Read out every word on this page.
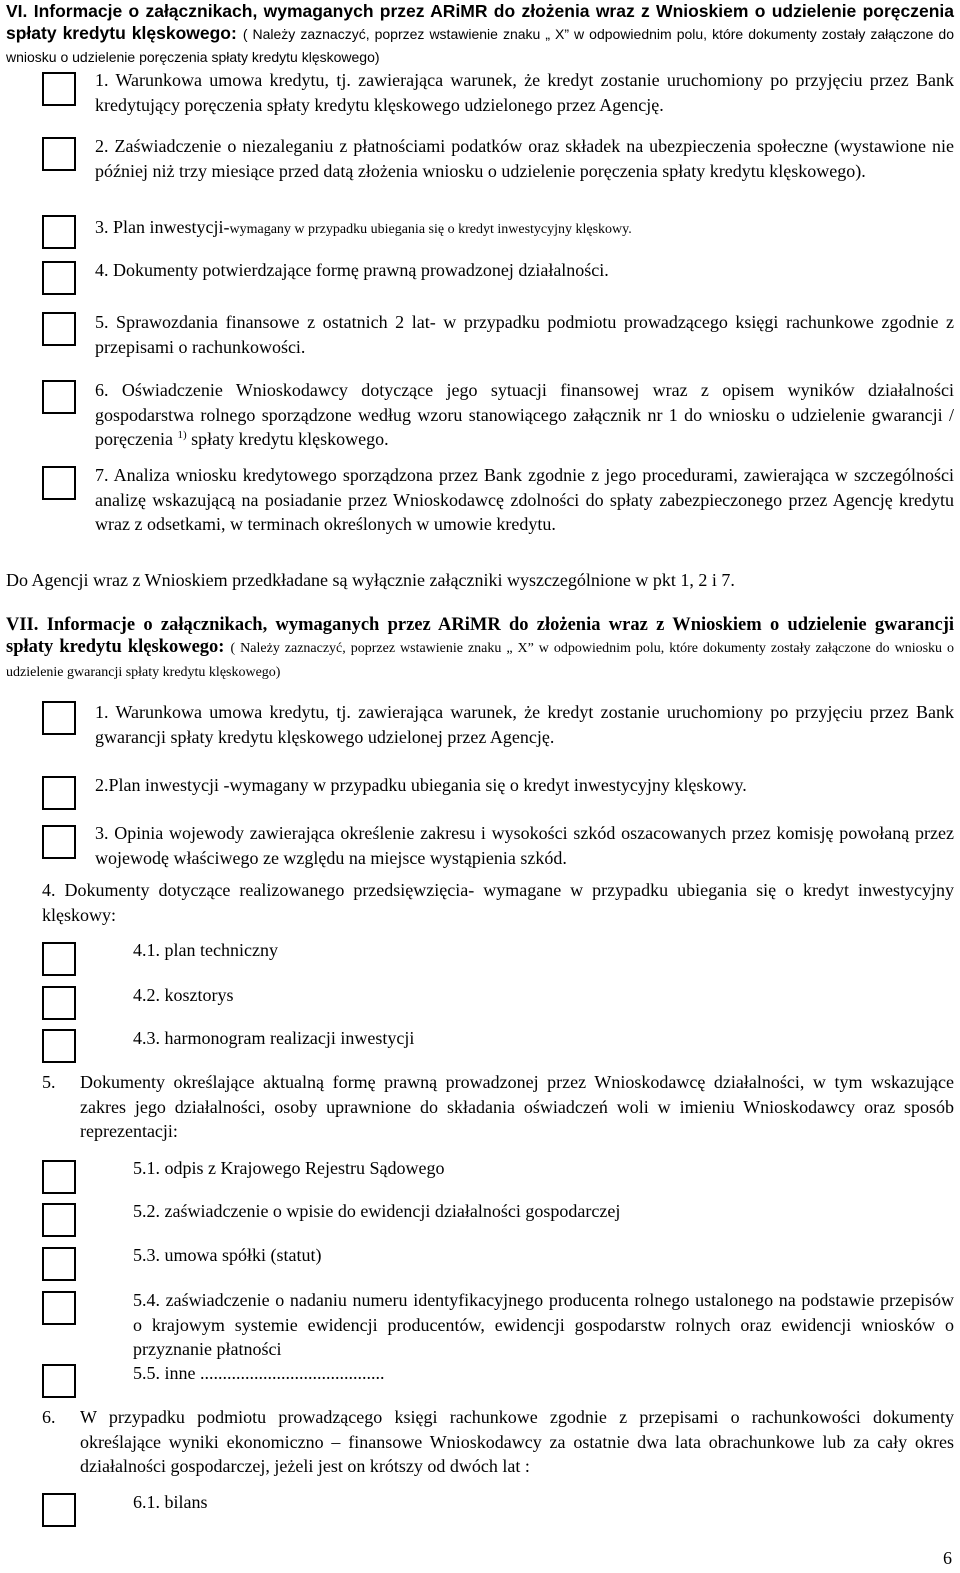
VI. Informacje o załącznikach, wymaganych przez ARiMR do złożenia wraz z Wnioskiem o udzielenie poręczenia spłaty kredytu klęskowego: ( Należy zaznaczyć, poprzez wstawienie znaku „ X” w odpowiednim polu, które dokumenty zostały załączone do wniosku o udzielenie poręczenia spłaty kredytu klęskowego)
1. Warunkowa umowa kredytu, tj. zawierająca warunek, że kredyt zostanie uruchomiony po przyjęciu przez Bank kredytujący poręczenia spłaty kredytu klęskowego udzielonego przez Agencję.
2. Zaświadczenie o niezaleganiu z płatnościami podatków oraz składek na ubezpieczenia społeczne (wystawione nie później niż trzy miesiące przed datą złożenia wniosku o udzielenie poręczenia spłaty kredytu klęskowego).
3. Plan inwestycji-wymagany w przypadku ubiegania się o kredyt inwestycyjny klęskowy.
4. Dokumenty potwierdzające formę prawną prowadzonej działalności.
5. Sprawozdania finansowe z ostatnich 2 lat- w przypadku podmiotu prowadzącego księgi rachunkowe zgodnie z przepisami o rachunkowości.
6. Oświadczenie Wnioskodawcy dotyczące jego sytuacji finansowej wraz z opisem wyników działalności gospodarstwa rolnego sporządzone według wzoru stanowiącego załącznik nr 1 do wniosku o udzielenie gwarancji / poręczenia $^{1)}$ spłaty kredytu klęskowego.
7. Analiza wniosku kredytowego sporządzona przez Bank zgodnie z jego procedurami, zawierająca w szczególności analizę wskazującą na posiadanie przez Wnioskodawcę zdolności do spłaty zabezpieczonego przez Agencję kredytu wraz z odsetkami, w terminach określonych w umowie kredytu.
Do Agencji wraz z Wnioskiem przedkładane są wyłącznie załączniki wyszczególnione w pkt 1, 2 i 7.
VII. Informacje o załącznikach, wymaganych przez ARiMR do złożenia wraz z Wnioskiem o udzielenie gwarancji spłaty kredytu klęskowego: ( Należy zaznaczyć, poprzez wstawienie znaku „ X” w odpowiednim polu, które dokumenty zostały załączone do wniosku o udzielenie gwarancji spłaty kredytu klęskowego)
1. Warunkowa umowa kredytu, tj. zawierająca warunek, że kredyt zostanie uruchomiony po przyjęciu przez Bank gwarancji spłaty kredytu klęskowego udzielonej przez Agencję.
2.Plan inwestycji -wymagany w przypadku ubiegania się o kredyt inwestycyjny klęskowy.
3. Opinia wojewody zawierająca określenie zakresu i wysokości szkód oszacowanych przez komisję powołaną przez wojewodę właściwego ze względu na miejsce wystąpienia szkód.
4. Dokumenty dotyczące realizowanego przedsięwzięcia- wymagane w przypadku ubiegania się o kredyt inwestycyjny klęskowy:
4.1. plan techniczny
4.2. kosztorys
4.3. harmonogram realizacji inwestycji
5.	Dokumenty określające aktualną formę prawną prowadzonej przez Wnioskodawcę działalności, w tym wskazujące zakres jego działalności, osoby uprawnione do składania oświadczeń woli w imieniu Wnioskodawcy oraz sposób reprezentacji:
5.1. odpis z Krajowego Rejestru Sądowego
5.2. zaświadczenie o wpisie do ewidencji działalności gospodarczej
5.3. umowa spółki (statut)
5.4. zaświadczenie o nadaniu numeru identyfikacyjnego producenta rolnego ustalonego na podstawie przepisów o krajowym systemie ewidencji producentów, ewidencji gospodarstw rolnych oraz ewidencji wniosków o przyznanie płatności
5.5. inne .........................................
6.	W przypadku podmiotu prowadzącego księgi rachunkowe zgodnie z przepisami o rachunkowości dokumenty określające wyniki ekonomiczno – finansowe Wnioskodawcy za ostatnie dwa lata obrachunkowe lub za cały okres działalności gospodarczej, jeżeli jest on krótszy od dwóch lat :
6.1. bilans
6
